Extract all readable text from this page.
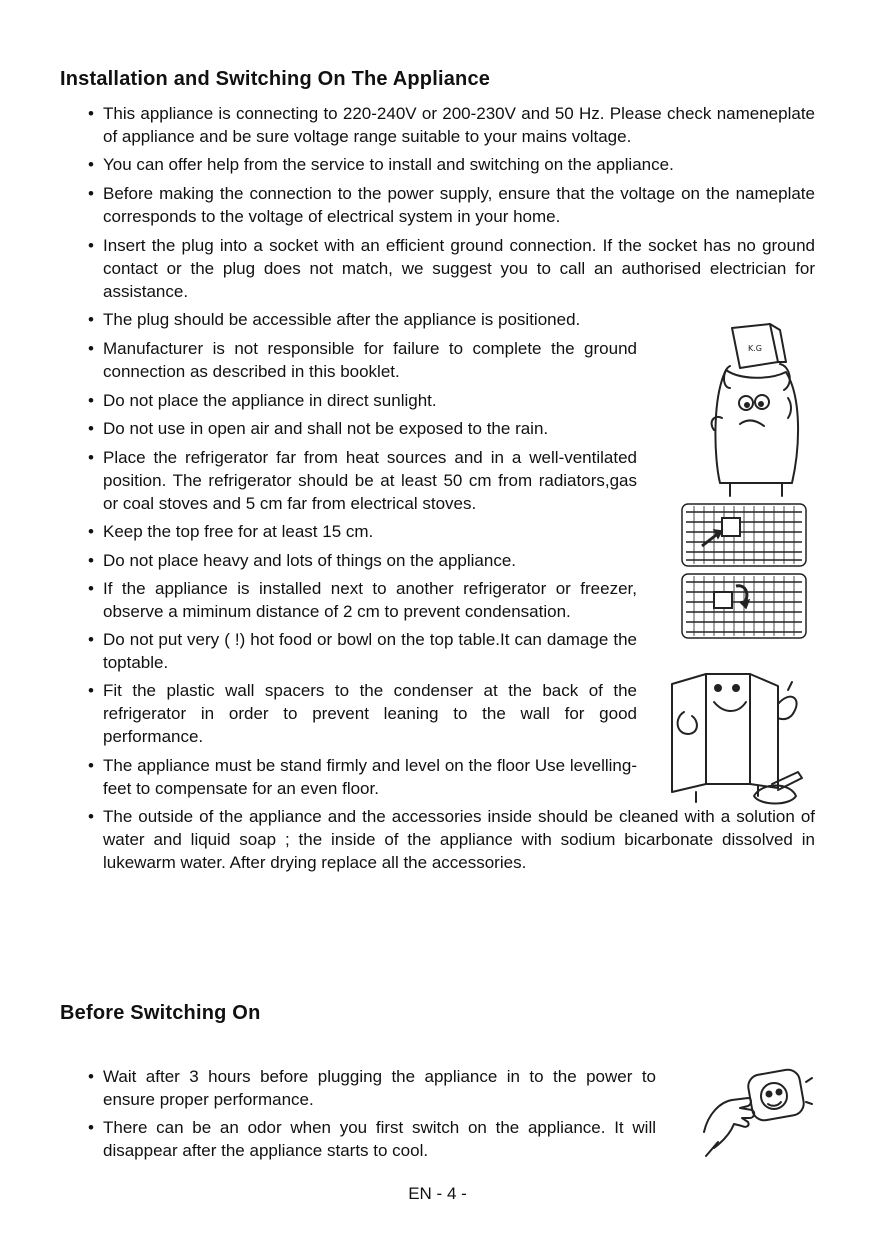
Installation and Switching On The Appliance
• This appliance is connecting to 220-240V or 200-230V and 50 Hz. Please check nameneplate of appliance and be sure voltage range suitable to your mains voltage.
• You can offer help from the service to install and switching on the appliance.
• Before making the connection to the power supply, ensure that the voltage on the nameplate corresponds to the voltage of electrical system in your home.
• Insert the plug into a socket with an efficient ground connection. If the socket has no ground contact or the plug does not match, we suggest you to call an authorised electrician for assistance.
• The plug should be accessible after the appliance is positioned.
• Manufacturer is not responsible for failure to complete the ground connection as described in this booklet.
• Do not place the appliance in direct sunlight.
• Do not use in open air and shall not be exposed to the rain.
• Place the refrigerator far from heat sources and in a well-ventilated position. The refrigerator should be at least 50 cm from radiators,gas or coal stoves and 5 cm far from electrical stoves.
• Keep the top free for at least 15 cm.
• Do not place heavy and lots of things on the appliance.
• If the appliance is installed next to another refrigerator or freezer, observe a miminum distance of 2 cm to prevent condensation.
• Do not put very ( !) hot food or bowl on the top table.It can damage the toptable.
• Fit the plastic wall spacers to the condenser at the back of the refrigerator in order to prevent leaning to the wall for good performance.
• The appliance must be stand firmly and level on the floor Use levelling-feet to compensate for an even floor.
• The outside of the appliance and the accessories inside should be cleaned with a solution of water and liquid soap ; the inside of the appliance with sodium bicarbonate dissolved in lukewarm water. After drying replace all the accessories.
Before Switching On
• Wait after 3 hours before plugging the appliance in to the power to ensure proper performance.
• There can be an odor when you first switch on the appliance. It will disappear after the appliance starts to cool.
K.G
EN - 4 -
